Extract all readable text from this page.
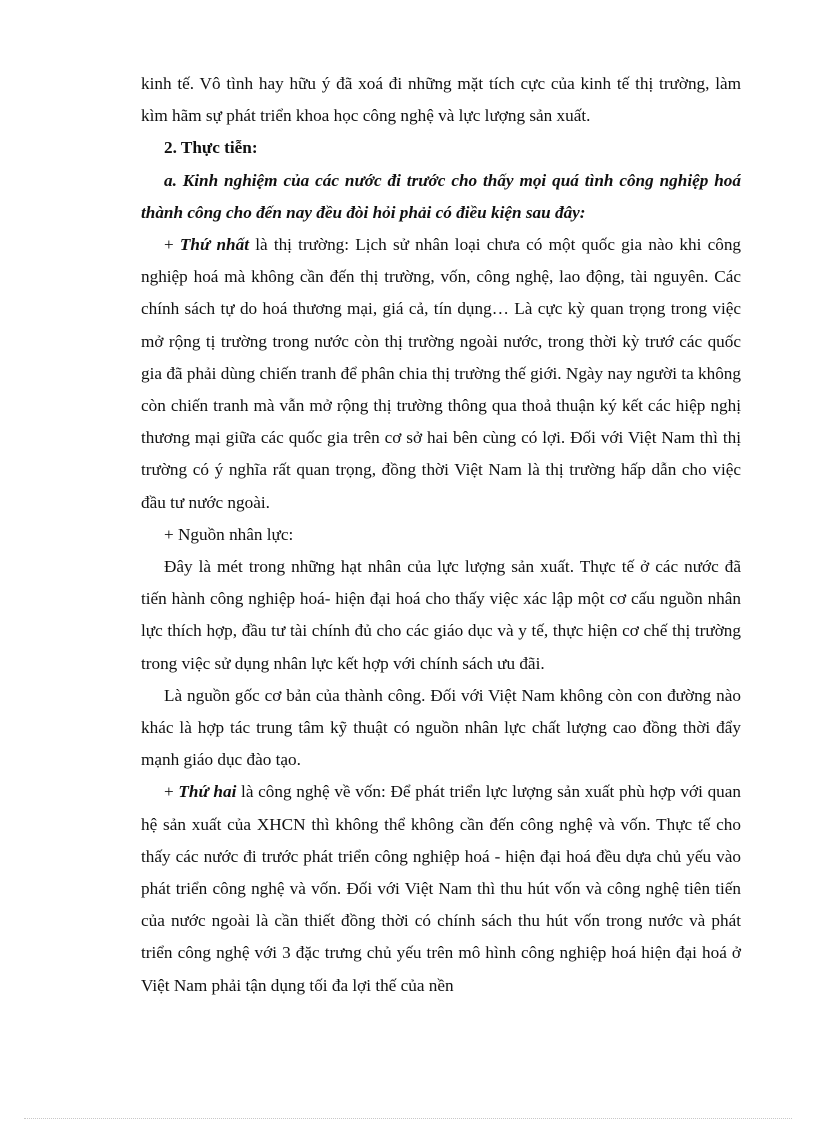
kinh tế. Vô tình hay hữu ý đã xoá đi những mặt tích cực của kinh tế thị trường, làm kìm hãm sự phát triển khoa học công nghệ và lực lượng sản xuất.

2. Thực tiễn:

a. Kinh nghiệm của các nước đi trước cho thấy mọi quá tình công nghiệp hoá thành công cho đến nay đều đòi hỏi phải có điều kiện sau đây:

+ Thứ nhất là thị trường: Lịch sử nhân loại chưa có một quốc gia nào khi công nghiệp hoá mà không cần đến thị trường, vốn, công nghệ, lao động, tài nguyên. Các chính sách tự do hoá thương mại, giá cả, tín dụng… Là cực kỳ quan trọng trong việc mở rộng tị trường trong nước còn thị trường ngoài nước, trong thời kỳ trướ các quốc gia đã phải dùng chiến tranh để phân chia thị trường thế giới. Ngày nay người ta không còn chiến tranh mà vẫn mở rộng thị trường thông qua thoả thuận ký kết các hiệp nghị thương mại giữa các quốc gia trên cơ sở hai bên cùng có lợi. Đối với Việt Nam thì thị trường có ý nghĩa rất quan trọng, đồng thời Việt Nam là thị trường hấp dẫn cho việc đầu tư nước ngoài.

+ Nguồn nhân lực:

Đây là mét trong những hạt nhân của lực lượng sản xuất. Thực tế ở các nước đã tiến hành công nghiệp hoá- hiện đại hoá cho thấy việc xác lập một cơ cấu nguồn nhân lực thích hợp, đầu tư tài chính đủ cho các giáo dục và y tế, thực hiện cơ chế thị trường trong việc sử dụng nhân lực kết hợp với chính sách ưu đãi.

Là nguồn gốc cơ bản của thành công. Đối với Việt Nam không còn con đường nào khác là hợp tác trung tâm kỹ thuật có nguồn nhân lực chất lượng cao đồng thời đẩy mạnh giáo dục đào tạo.

+ Thứ hai là công nghệ về vốn: Để phát triển lực lượng sản xuất phù hợp với quan hệ sản xuất của XHCN thì không thể không cần đến công nghệ và vốn. Thực tế cho thấy các nước đi trước phát triển công nghiệp hoá - hiện đại hoá đều dựa chủ yếu vào phát triển công nghệ và vốn. Đối với Việt Nam thì thu hút vốn và công nghệ tiên tiến của nước ngoài là cần thiết đồng thời có chính sách thu hút vốn trong nước và phát triển công nghệ với 3 đặc trưng chủ yếu trên mô hình công nghiệp hoá hiện đại hoá ở Việt Nam phải tận dụng tối đa lợi thế của nền
